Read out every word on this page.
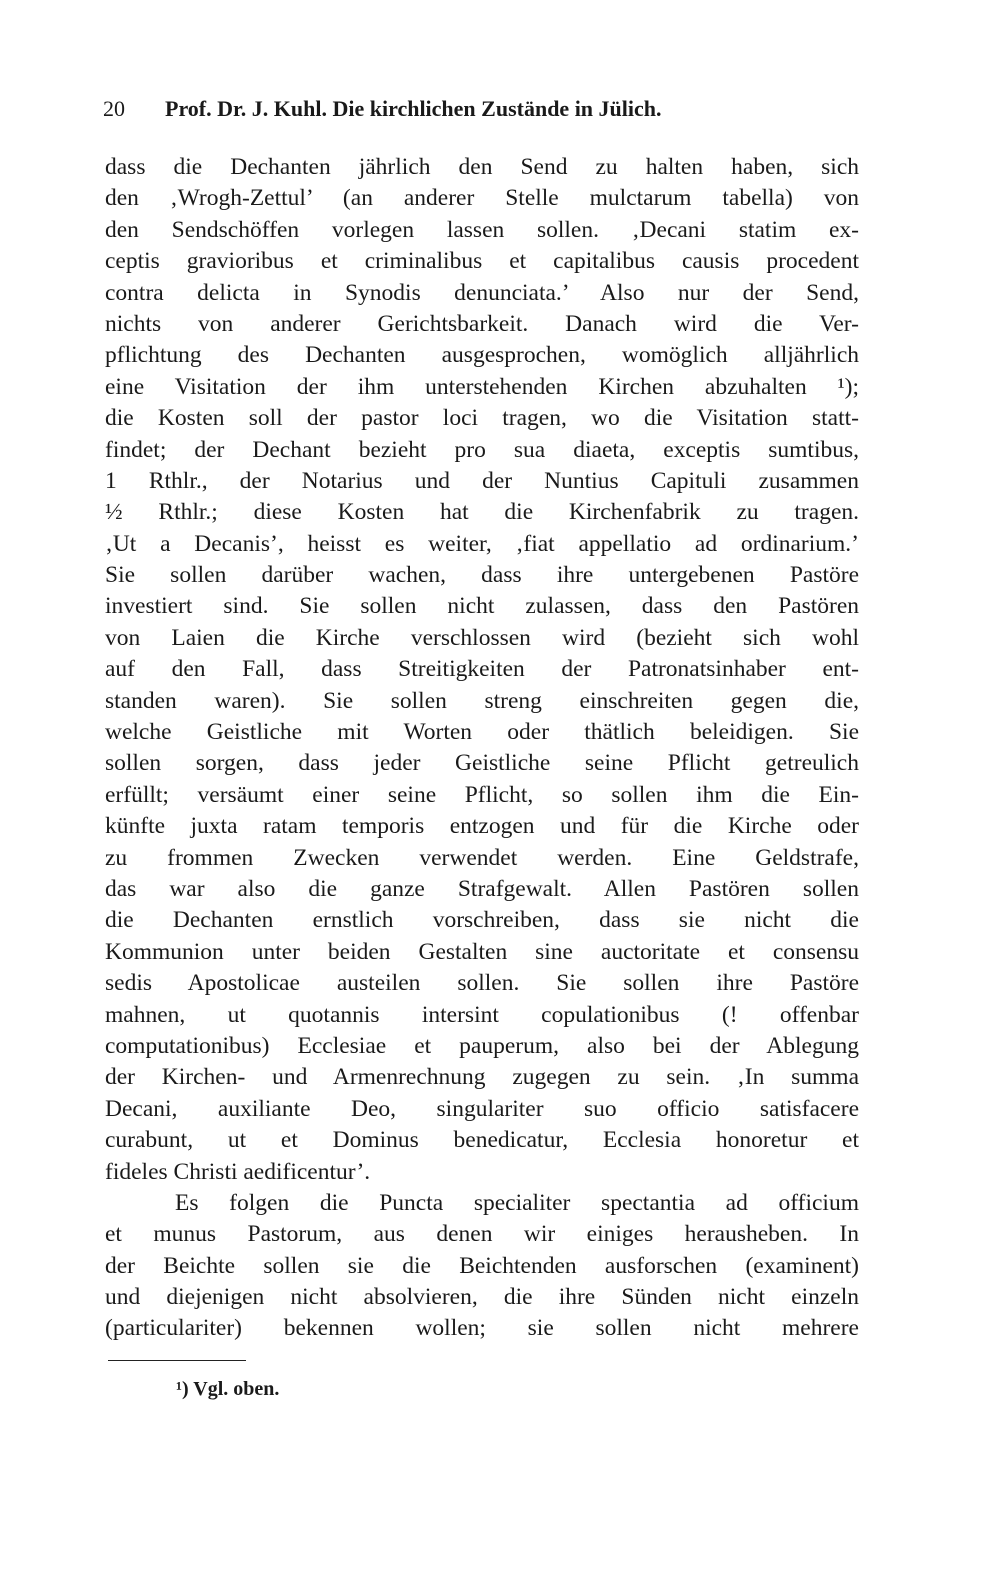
20 Prof. Dr. J. Kuhl. Die kirchlichen Zustände in Jülich.
dass die Dechanten jährlich den Send zu halten haben, sich
den ‚Wrogh-Zettul’ (an anderer Stelle mulctarum tabella) von
den Sendschöffen vorlegen lassen sollen. ‚Decani statim ex-
ceptis gravioribus et criminalibus et capitalibus causis procedent
contra delicta in Synodis denunciata.’ Also nur der Send,
nichts von anderer Gerichtsbarkeit. Danach wird die Ver-
pflichtung des Dechanten ausgesprochen, womöglich alljährlich
eine Visitation der ihm unterstehenden Kirchen abzuhalten ¹);
die Kosten soll der pastor loci tragen, wo die Visitation statt-
findet; der Dechant bezieht pro sua diaeta, exceptis sumtibus,
1 Rthlr., der Notarius und der Nuntius Capituli zusammen
½ Rthlr.; diese Kosten hat die Kirchenfabrik zu tragen.
‚Ut a Decanis’, heisst es weiter, ‚fiat appellatio ad ordinarium.’
Sie sollen darüber wachen, dass ihre untergebenen Pastöre
investiert sind. Sie sollen nicht zulassen, dass den Pastören
von Laien die Kirche verschlossen wird (bezieht sich wohl
auf den Fall, dass Streitigkeiten der Patronatsinhaber ent-
standen waren). Sie sollen streng einschreiten gegen die,
welche Geistliche mit Worten oder thätlich beleidigen. Sie
sollen sorgen, dass jeder Geistliche seine Pflicht getreulich
erfüllt; versäumt einer seine Pflicht, so sollen ihm die Ein-
künfte juxta ratam temporis entzogen und für die Kirche oder
zu frommen Zwecken verwendet werden. Eine Geldstrafe,
das war also die ganze Strafgewalt. Allen Pastören sollen
die Dechanten ernstlich vorschreiben, dass sie nicht die
Kommunion unter beiden Gestalten sine auctoritate et consensu
sedis Apostolicae austeilen sollen. Sie sollen ihre Pastöre
mahnen, ut quotannis intersint copulationibus (! offenbar
computationibus) Ecclesiae et pauperum, also bei der Ablegung
der Kirchen- und Armenrechnung zugegen zu sein. ‚In summa
Decani, auxiliante Deo, singulariter suo officio satisfacere
curabunt, ut et Dominus benedicatur, Ecclesia honoretur et
fideles Christi aedificentur’.
Es folgen die Puncta specialiter spectantia ad officium
et munus Pastorum, aus denen wir einiges herausheben. In
der Beichte sollen sie die Beichtenden ausforschen (examinent)
und diejenigen nicht absolvieren, die ihre Sünden nicht einzeln
(particulariter) bekennen wollen; sie sollen nicht mehrere
¹) Vgl. oben.
